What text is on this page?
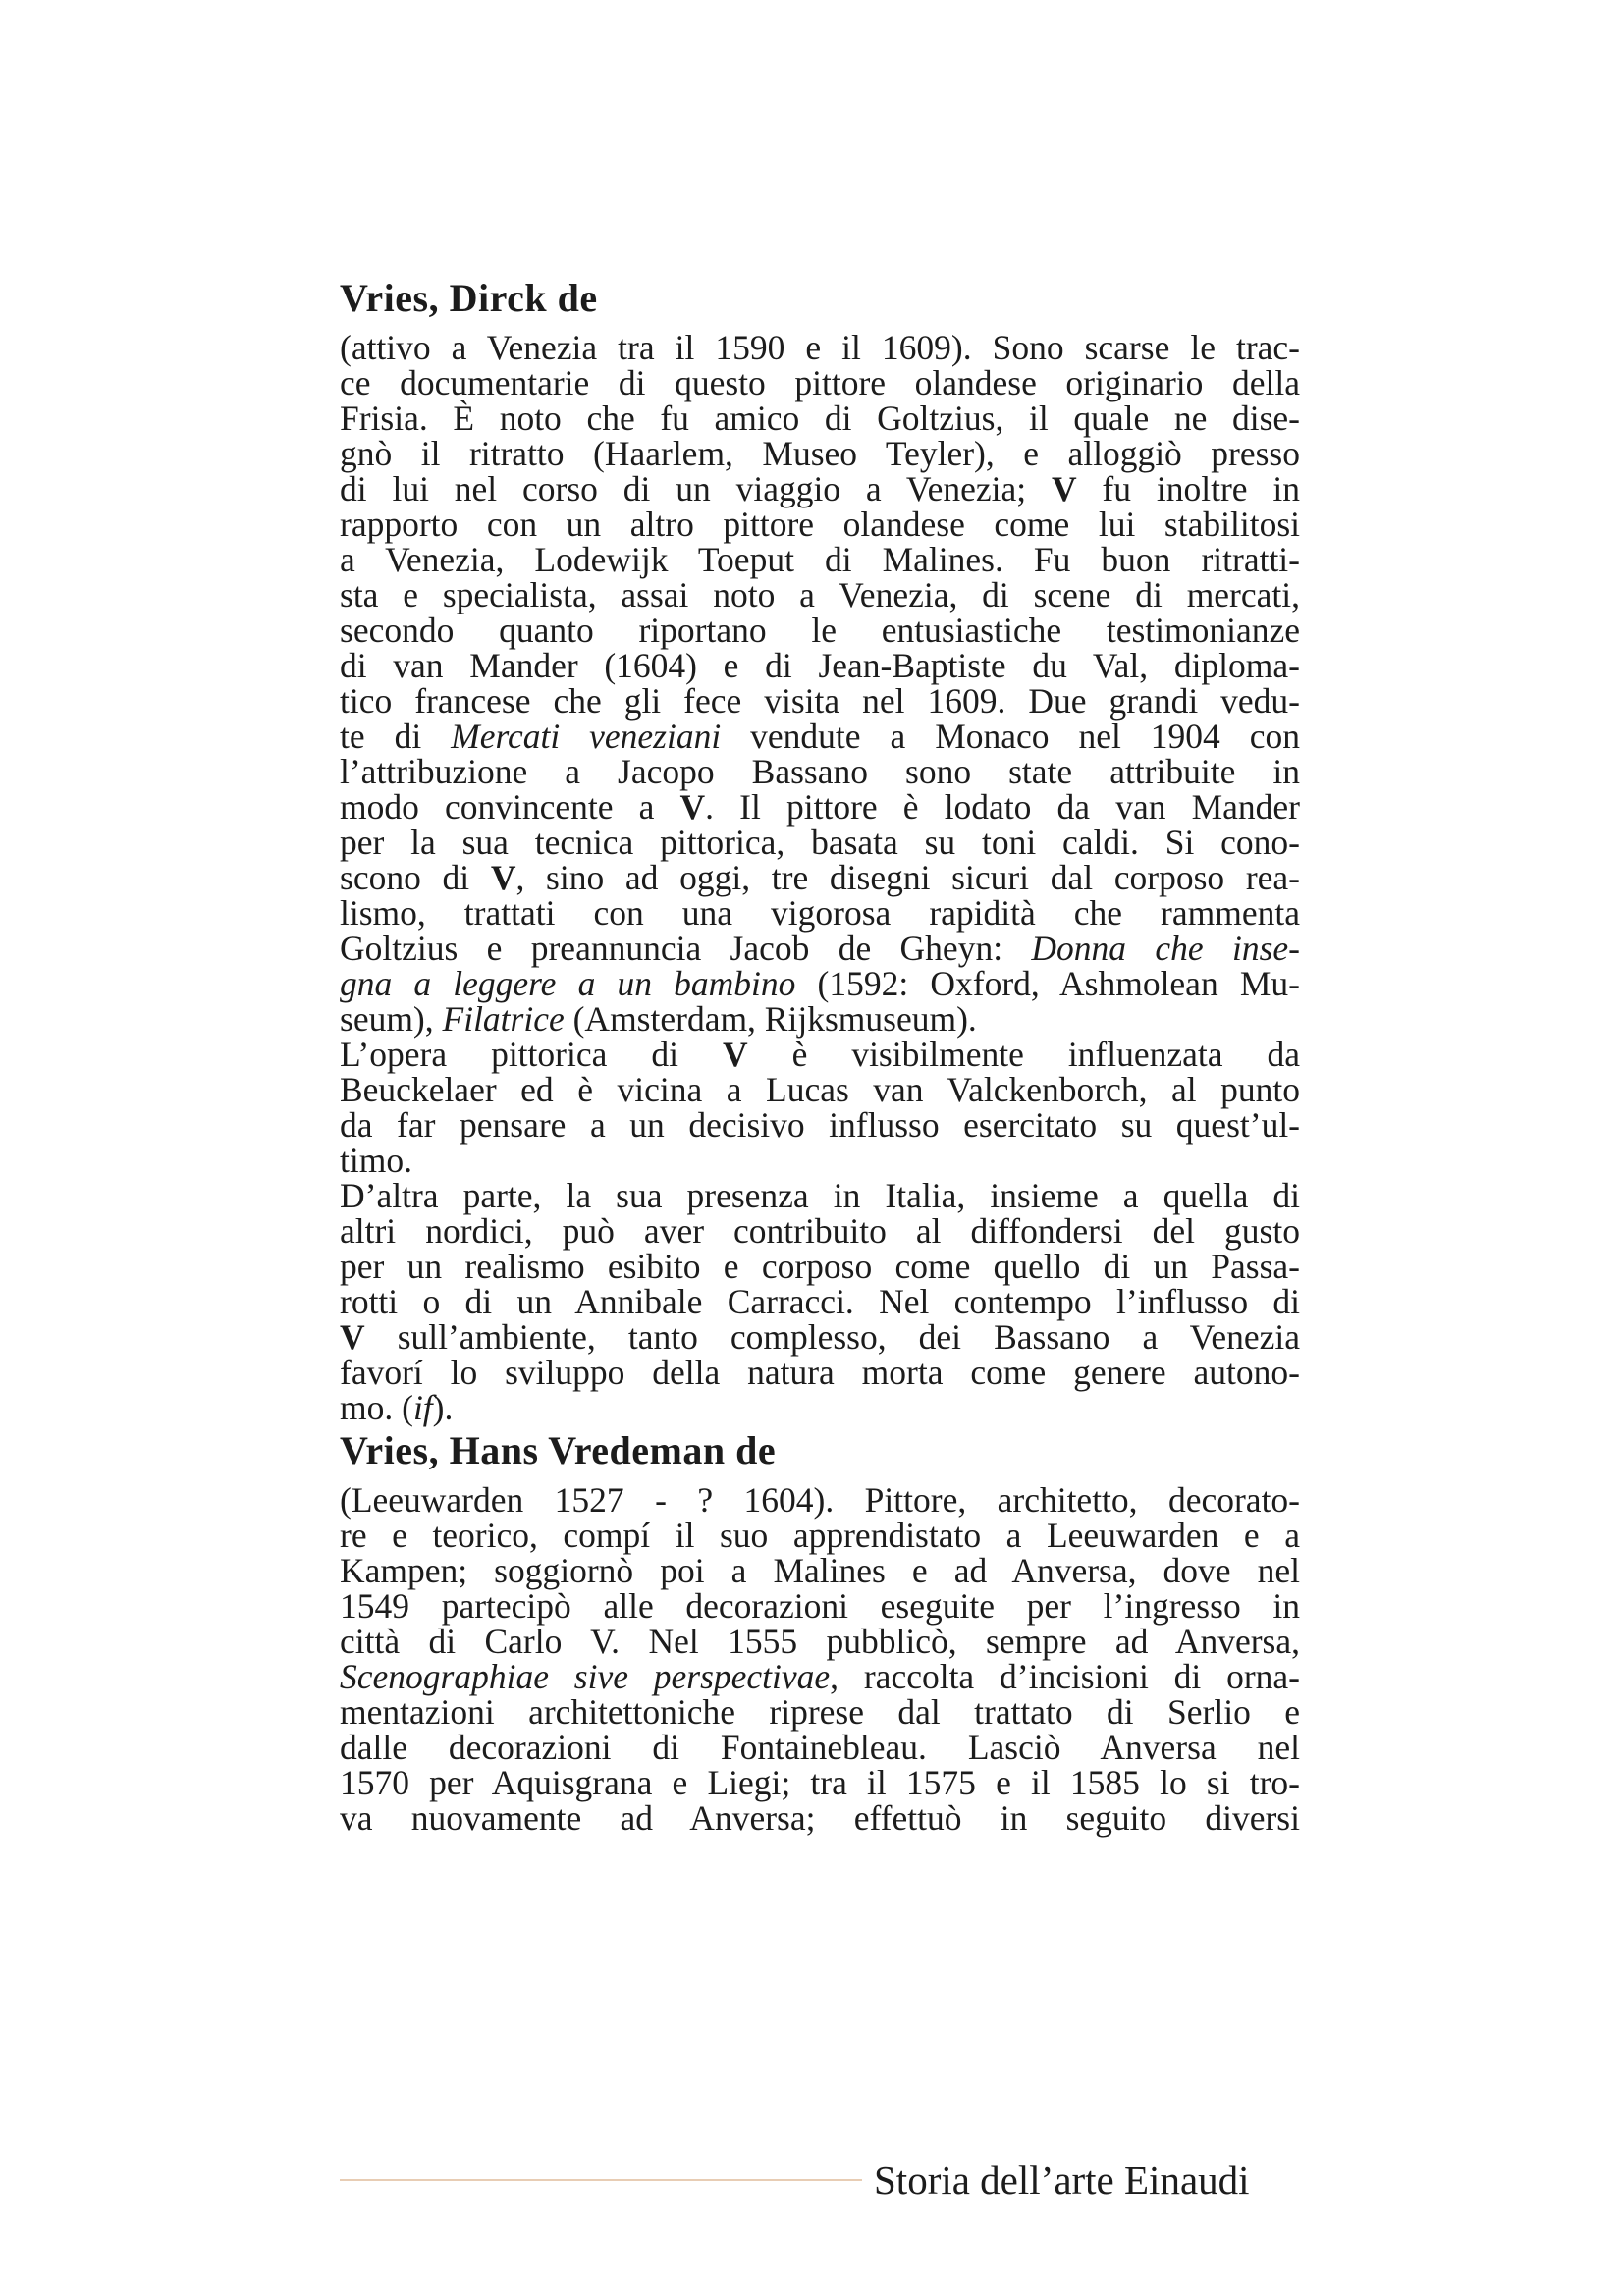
Vries, Dirck de
(attivo a Venezia tra il 1590 e il 1609). Sono scarse le trac-
ce documentarie di questo pittore olandese originario della
Frisia. È noto che fu amico di Goltzius, il quale ne dise-
gnò il ritratto (Haarlem, Museo Teyler), e alloggiò presso
di lui nel corso di un viaggio a Venezia; V fu inoltre in
rapporto con un altro pittore olandese come lui stabilitosi
a Venezia, Lodewijk Toeput di Malines. Fu buon ritratti-
sta e specialista, assai noto a Venezia, di scene di mercati,
secondo quanto riportano le entusiastiche testimonianze
di van Mander (1604) e di Jean-Baptiste du Val, diploma-
tico francese che gli fece visita nel 1609. Due grandi vedu-
te di Mercati veneziani vendute a Monaco nel 1904 con
l’attribuzione a Jacopo Bassano sono state attribuite in
modo convincente a V. Il pittore è lodato da van Mander
per la sua tecnica pittorica, basata su toni caldi. Si cono-
scono di V, sino ad oggi, tre disegni sicuri dal corposo rea-
lismo, trattati con una vigorosa rapidità che rammenta
Goltzius e preannuncia Jacob de Gheyn: Donna che inse-
gna a leggere a un bambino (1592: Oxford, Ashmolean Mu-
seum), Filatrice (Amsterdam, Rijksmuseum).
L’opera pittorica di V è visibilmente influenzata da
Beuckelaer ed è vicina a Lucas van Valckenborch, al punto
da far pensare a un decisivo influsso esercitato su quest’ul-
timo.
D’altra parte, la sua presenza in Italia, insieme a quella di
altri nordici, può aver contribuito al diffondersi del gusto
per un realismo esibito e corposo come quello di un Passa-
rotti o di un Annibale Carracci. Nel contempo l’influsso di
V sull’ambiente, tanto complesso, dei Bassano a Venezia
favorí lo sviluppo della natura morta come genere autono-
mo. (if).
Vries, Hans Vredeman de
(Leeuwarden 1527 - ? 1604). Pittore, architetto, decorato-
re e teorico, compí il suo apprendistato a Leeuwarden e a
Kampen; soggiornò poi a Malines e ad Anversa, dove nel
1549 partecipò alle decorazioni eseguite per l’ingresso in
città di Carlo V. Nel 1555 pubblicò, sempre ad Anversa,
Scenographiae sive perspectivae, raccolta d’incisioni di orna-
mentazioni architettoniche riprese dal trattato di Serlio e
dalle decorazioni di Fontainebleau. Lasciò Anversa nel
1570 per Aquisgrana e Liegi; tra il 1575 e il 1585 lo si tro-
va nuovamente ad Anversa; effettuò in seguito diversi
Storia dell’arte Einaudi
